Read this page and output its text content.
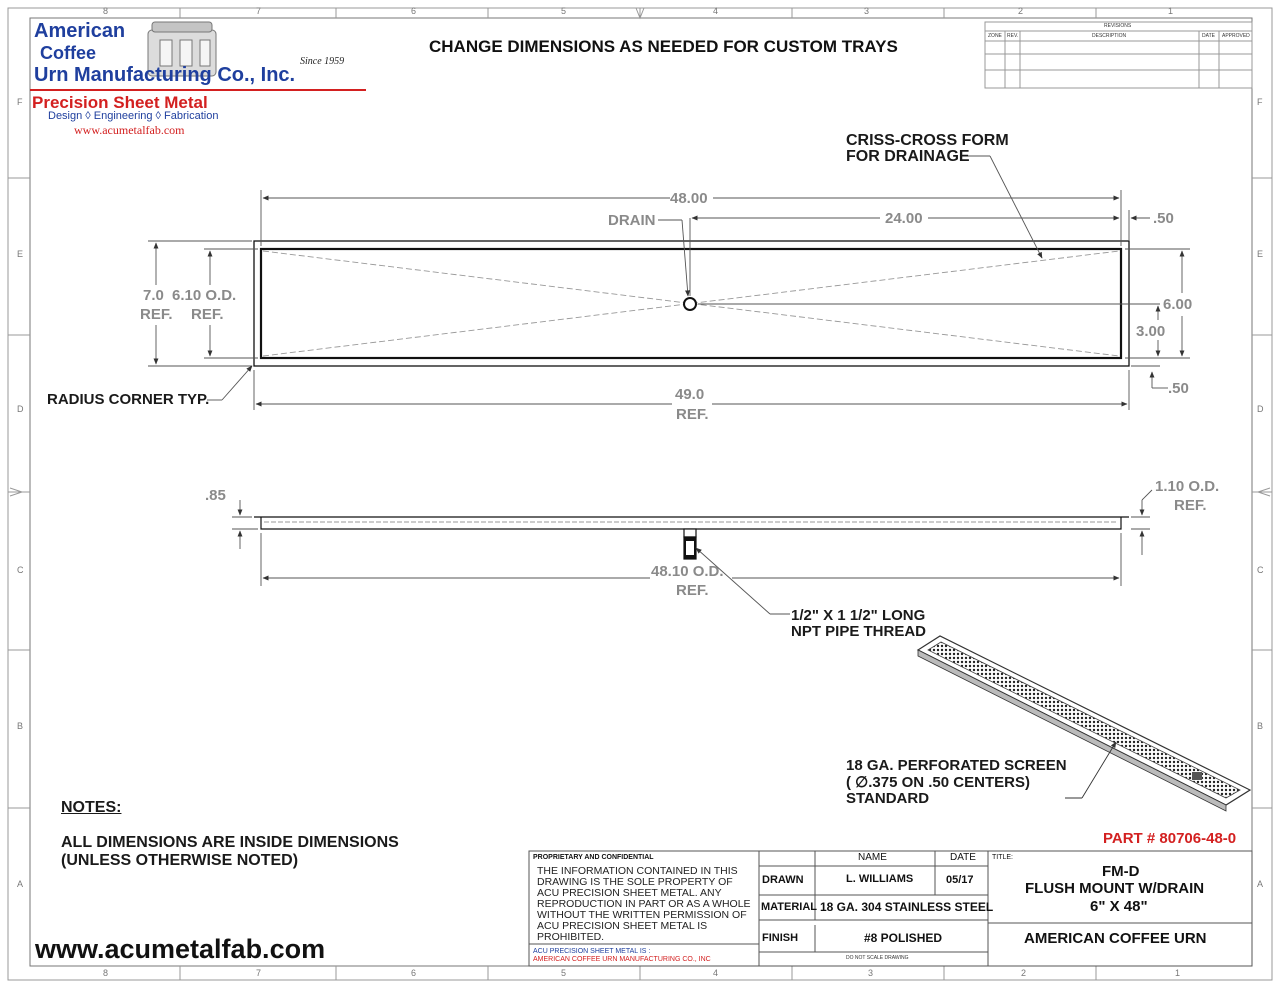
8	7	6	5	4	3	2	1
8	7	6	5	4	3	2	1
F
E
D
C
B
A
F
E
D
C
B
A
American
Coffee
Urn Manufacturing Co., Inc.
Since 1959
Precision Sheet Metal
Design ◊ Engineering ◊ Fabrication
www.acumetalfab.com
CHANGE DIMENSIONS AS NEEDED FOR CUSTOM TRAYS
REVISIONS
ZONE REV.	DESCRIPTION	DATE APPROVED
CRISS-CROSS FORM
FOR DRAINAGE
48.00
24.00	.50
DRAIN
7.0 6.10 O.D.
REF. REF.
6.00
3.00
.50
RADIUS CORNER TYP.	49.0
REF.
.85
1.10 O.D.
REF.
48.10 O.D.
REF.
1/2" X 1 1/2" LONG
NPT PIPE THREAD
18 GA. PERFORATED SCREEN
( ∅.375 ON .50 CENTERS)
STANDARD
NOTES:
ALL DIMENSIONS ARE INSIDE DIMENSIONS
(UNLESS OTHERWISE NOTED)
www.acumetalfab.com
PART # 80706-48-0
PROPRIETARY AND CONFIDENTIAL
THE INFORMATION CONTAINED IN THIS
DRAWING IS THE SOLE PROPERTY OF
ACU PRECISION SHEET METAL. ANY
REPRODUCTION IN PART OR AS A WHOLE
WITHOUT THE WRITTEN PERMISSION OF
ACU PRECISION SHEET METAL IS
PROHIBITED.
ACU PRECISION SHEET METAL IS :
AMERICAN COFFEE URN MANUFACTURING CO., INC
NAME	DATE
DRAWN	L. WILLIAMS	05/17
MATERIAL 18 GA. 304 STAINLESS STEEL
FINISH	#8 POLISHED
DO NOT SCALE DRAWING
TITLE:
FM-D
FLUSH MOUNT W/DRAIN
6" X 48"
AMERICAN COFFEE URN
